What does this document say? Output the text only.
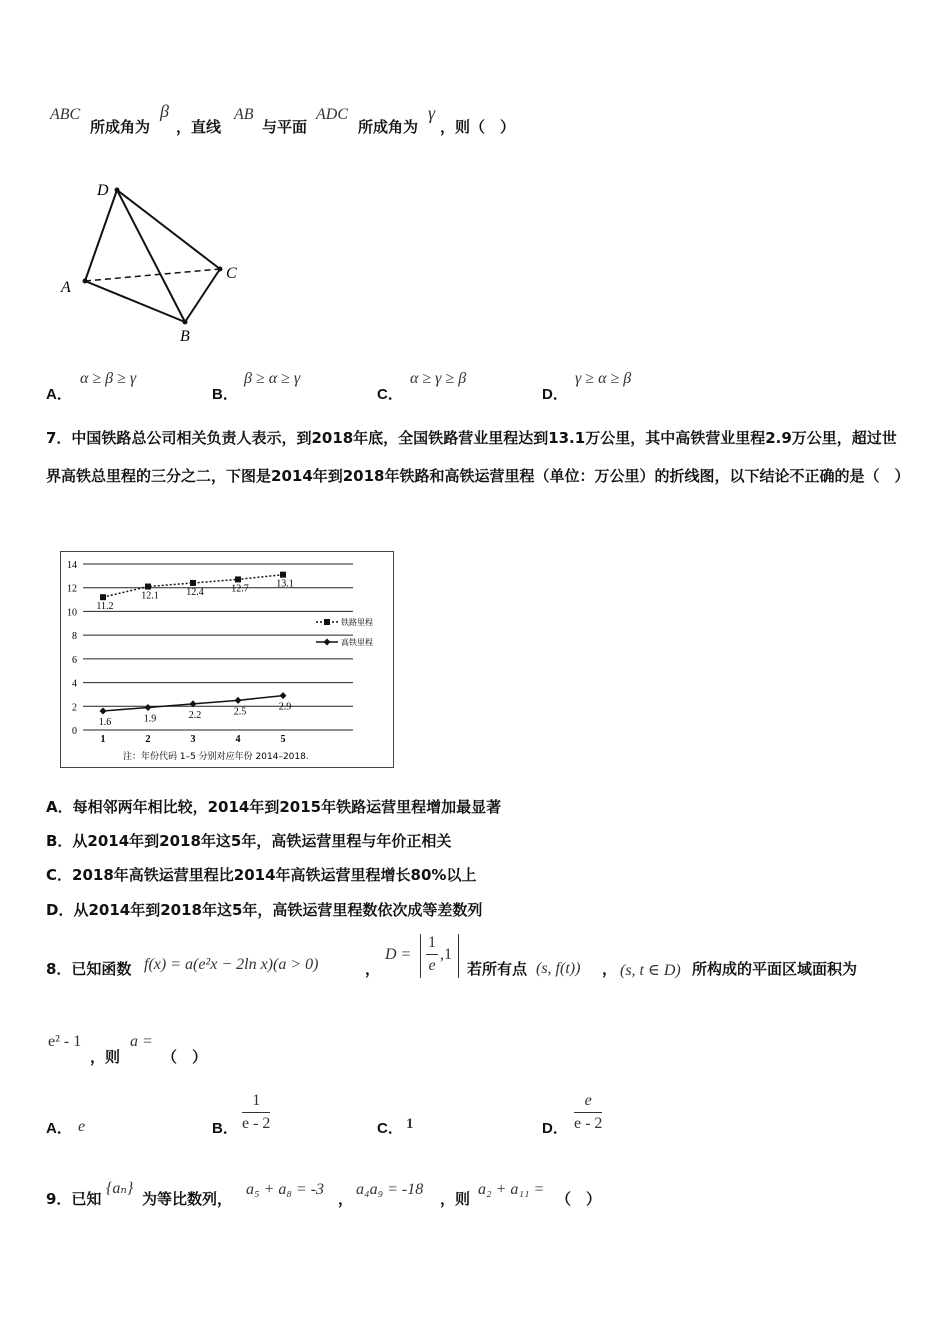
ABC
所成角为
β
，直线
AB
与平面
ADC
所成角为
γ
，则（　）
D
A
C
B
A．
α ≥ β ≥ γ
B．
β ≥ α ≥ γ
C．
α ≥ γ ≥ β
D．
γ ≥ α ≥ β
7．中国铁路总公司相关负责人表示，到2018年底，全国铁路营业里程达到13.1万公里，其中高铁营业里程2.9万公里，超过世界高铁总里程的三分之二，下图是2014年到2018年铁路和高铁运营里程（单位：万公里）的折线图，以下结论不正确的是（　）
0
2
4
6
8
10
12
14
1	2	3	4	5
11.2
12.1	12.4	12.7	13.1
1.6	1.9	2.2	2.5	2.9
铁路里程
高铁里程
注：年份代码 1–5 分别对应年份 2014–2018.
A．每相邻两年相比较，2014年到2015年铁路运营里程增加最显著
B．从2014年到2018年这5年，高铁运营里程与年价正相关
C．2018年高铁运营里程比2014年高铁运营里程增长80%以上
D．从2014年到2018年这5年，高铁运营里程数依次成等差数列
8．已知函数 f(x) = a(e²x − 2ln x)(a > 0)	，
$D = \frac{1}{e} ,1$
若所有点 (s, f(t)) ， (s, t ∈ D) 所构成的平面区域面积为
e² - 1
，则
a =
（　）
A． e	B． $\frac{1}{e - 2}$	C． 1	D． $\frac{e}{e - 2}$
9．已知
{aₙ}
为等比数列，
a₅ + a₈ = -3
，
a₄a₉ = -18
，则
a₂ + a₁₁ =
（　）
